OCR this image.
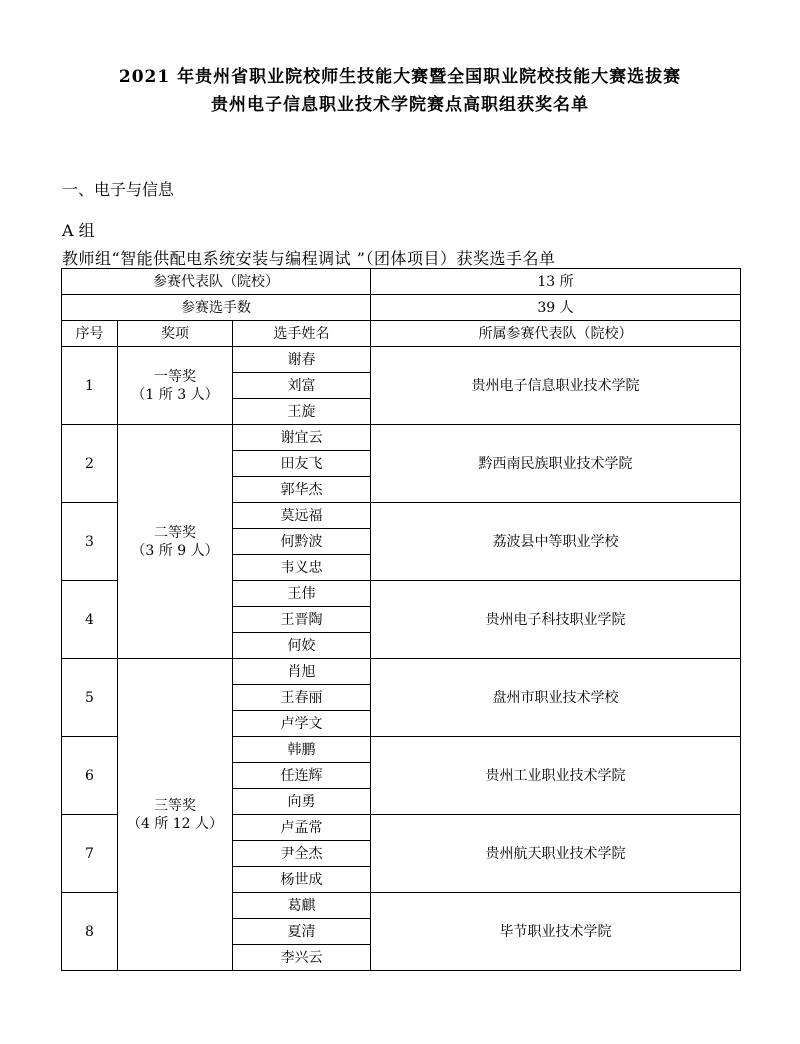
2021 年贵州省职业院校师生技能大赛暨全国职业院校技能大赛选拔赛
贵州电子信息职业技术学院赛点高职组获奖名单

一、电子与信息

A 组

教师组“智能供配电系统安装与编程调试 ”（团体项目）获奖选手名单

参赛代表队（院校）			13 所
参赛选手数			39 人
序号	奖项	选手姓名	所属参赛代表队（院校）
1	一等奖
（1 所 3 人）	谢春	贵州电子信息职业技术学院
		刘富	
		王旋	
2	二等奖
（3 所 9 人）	谢宜云	黔西南民族职业技术学院
		田友飞	
		郭华杰	
3		莫远福	荔波县中等职业学校
		何黔波	
		韦义忠	
4		王伟	贵州电子科技职业学院
		王晋陶	
		何姣	
5	三等奖
（4 所 12 人）	肖旭	盘州市职业技术学校
		王春丽	
		卢学文	
6		韩鹏	贵州工业职业技术学院
		任连辉	
		向勇	
7		卢孟常	贵州航天职业技术学院
		尹全杰	
		杨世成	
8		葛麒	毕节职业技术学院
		夏清	
		李兴云	
